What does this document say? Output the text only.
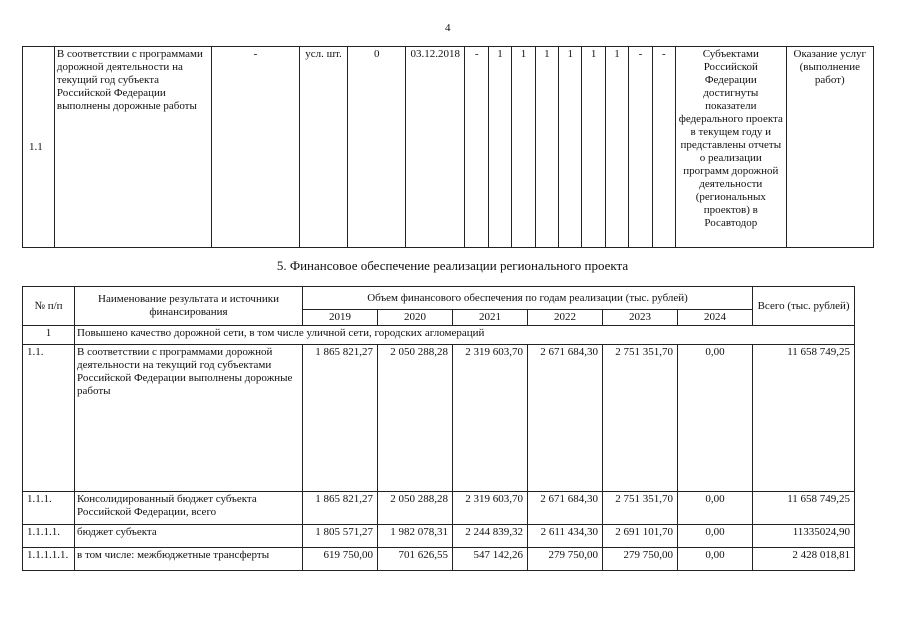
4
1.1	В соответствии с программами дорожной деятельности на текущий год субъекта Российской Федерации выполнены дорожные работы	-	усл. шт.	0	03.12.2018	-	1	1	1	1	1	1	-	-	Субъектами Российской Федерации достигнуты показатели федерального проекта в текущем году и представлены отчеты о реализации программ дорожной деятельности (региональных проектов) в Росавтодор	Оказание услуг (выполнение работ)
5. Финансовое обеспечение реализации регионального проекта
№ п/п	Наименование результата и источники финансирования	Объем финансового обеспечения по годам реализации (тыс. рублей)						Всего (тыс. рублей)
		2019	2020	2021	2022	2023	2024	
1	Повышено качество дорожной сети, в том числе уличной сети, городских агломераций							
1.1.	В соответствии с программами дорожной деятельности на текущий год субъектами Российской Федерации выполнены дорожные работы	1 865 821,27	2 050 288,28	2 319 603,70	2 671 684,30	2 751 351,70	0,00	11 658 749,25
1.1.1.	Консолидированный бюджет субъекта Российской Федерации, всего	1 865 821,27	2 050 288,28	2 319 603,70	2 671 684,30	2 751 351,70	0,00	11 658 749,25
1.1.1.1.	бюджет субъекта	1 805 571,27	1 982 078,31	2 244 839,32	2 611 434,30	2 691 101,70	0,00	11335024,90
1.1.1.1.1.	в том числе: межбюджетные трансферты	619 750,00	701 626,55	547 142,26	279 750,00	279 750,00	0,00	2 428 018,81
